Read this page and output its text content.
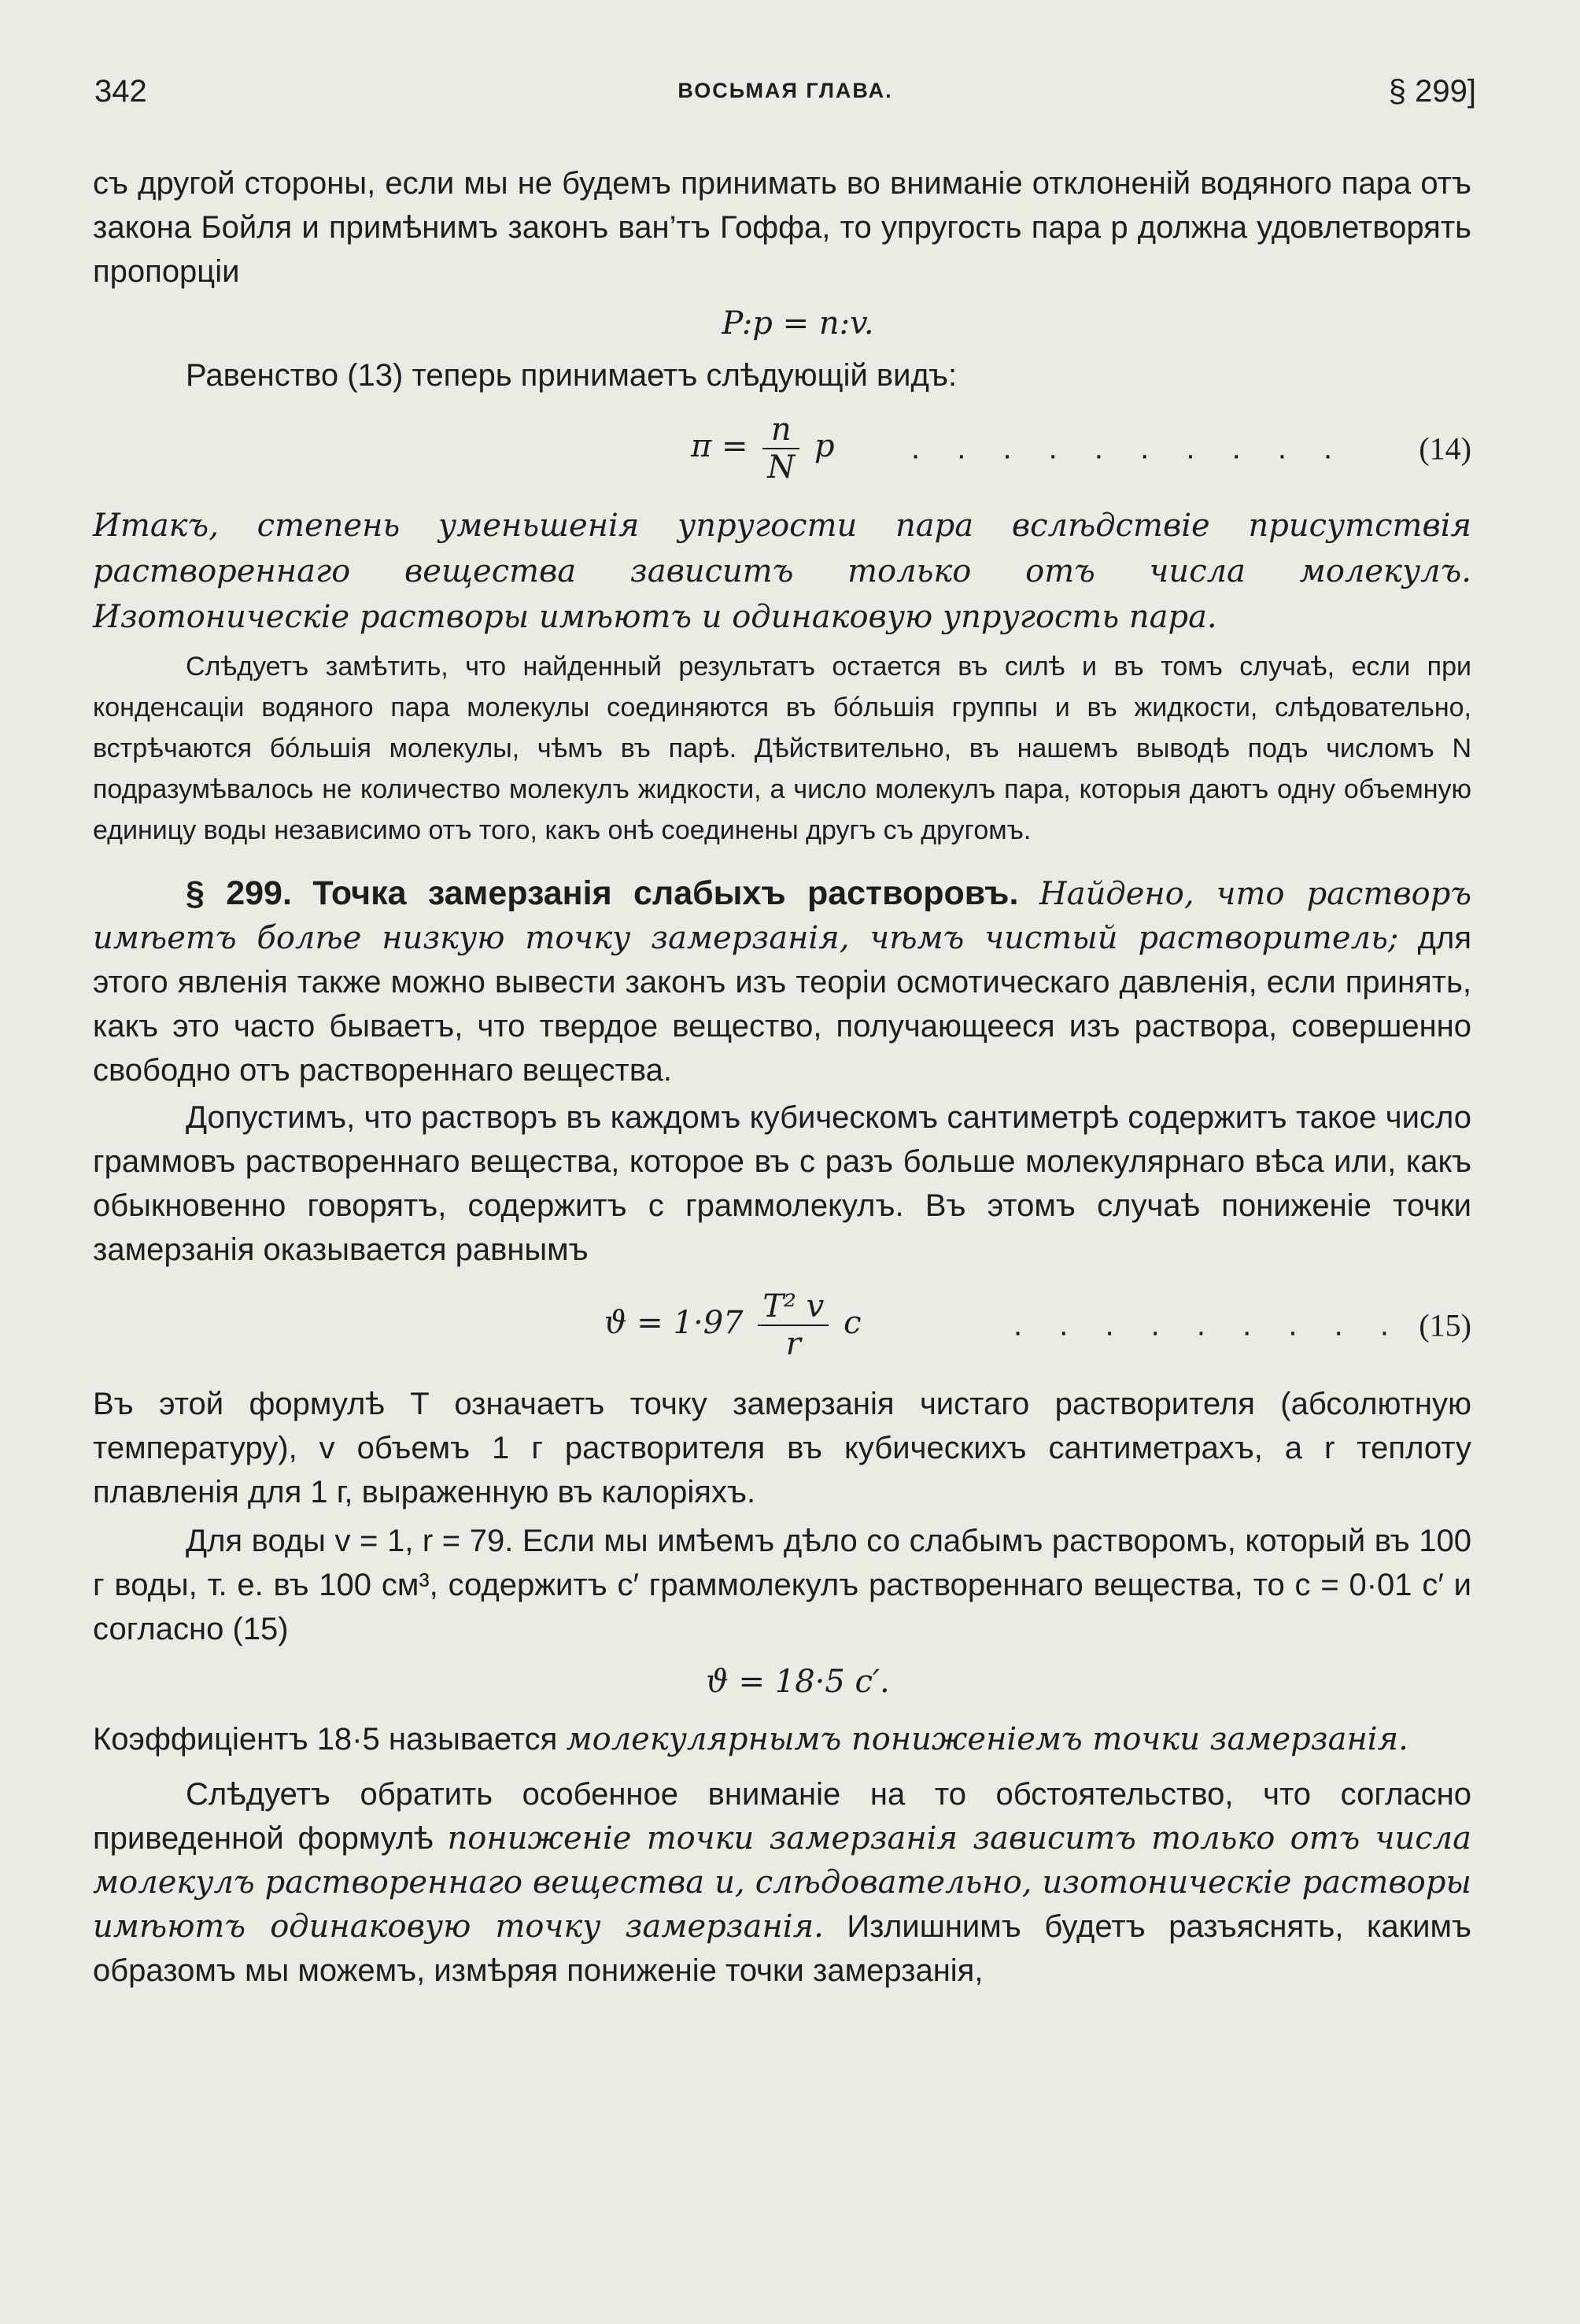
342	ВОСЬМАЯ ГЛАВА.	§ 299]

съ другой стороны, если мы не будемъ принимать во вниманіе отклоненій водяного пара отъ закона Бойля и примѣнимъ законъ ван’тъ Гоффа, то упругость пара p должна удовлетворять пропорціи

P:p = n:v.

Равенство (13) теперь принимаетъ слѣдующій видъ:

$\pi = \frac{n}{N}$ p . . . . . . . . . . (14)

Итакъ, степень уменьшенія упругости пара вслѣдствіе присутствія раствореннаго вещества зависитъ только отъ числа молекулъ. Изотоническіе растворы имѣютъ и одинаковую упругость пара.

Слѣдуетъ замѣтить, что найденный результатъ остается въ силѣ и въ томъ случаѣ, если при конденсаціи водяного пара молекулы соединяются въ бóльшія группы и въ жидкости, слѣдовательно, встрѣчаются бóльшія молекулы, чѣмъ въ парѣ. Дѣйствительно, въ нашемъ выводѣ подъ числомъ N подразумѣвалось не количество молекулъ жидкости, а число молекулъ пара, которыя даютъ одну объемную единицу воды независимо отъ того, какъ онѣ соединены другъ съ другомъ.

§ 299. Точка замерзанія слабыхъ растворовъ. Найдено, что растворъ имѣетъ болѣе низкую точку замерзанія, чѣмъ чистый растворитель; для этого явленія также можно вывести законъ изъ теоріи осмотическаго давленія, если принять, какъ это часто бываетъ, что твердое вещество, получающееся изъ раствора, совершенно свободно отъ раствореннаго вещества.

Допустимъ, что растворъ въ каждомъ кубическомъ сантиметрѣ содержитъ такое число граммовъ раствореннаго вещества, которое въ c разъ больше молекулярнаго вѣса или, какъ обыкновенно говорятъ, содержитъ c граммолекулъ. Въ этомъ случаѣ пониженіе точки замерзанія оказывается равнымъ

$ϑ = 1\cdot 97 \frac{\text{T² v}}{r}$ c	. . . . . . . . . (15)

Въ этой формулѣ T означаетъ точку замерзанія чистаго растворителя (абсолютную температуру), v объемъ 1 г растворителя въ кубическихъ сантиметрахъ, а r теплоту плавленія для 1 г, выраженную въ калоріяхъ.

Для воды v = 1, r = 79. Если мы имѣемъ дѣло со слабымъ растворомъ, который въ 100 г воды, т. е. въ 100 см³, содержитъ c′ граммолекулъ раствореннаго вещества, то c = 0·01 c′ и согласно (15)

ϑ = 18·5 c′.

Коэффиціентъ 18·5 называется молекулярнымъ пониженіемъ точки замерзанія.

Слѣдуетъ обратить особенное вниманіе на то обстоятельство, что согласно приведенной формулѣ пониженіе точки замерзанія зависитъ только отъ числа молекулъ раствореннаго вещества и, слѣдовательно, изотоническіе растворы имѣютъ одинаковую точку замерзанія. Излишнимъ будетъ разъяснять, какимъ образомъ мы можемъ, измѣряя пониженіе точки замерзанія,
